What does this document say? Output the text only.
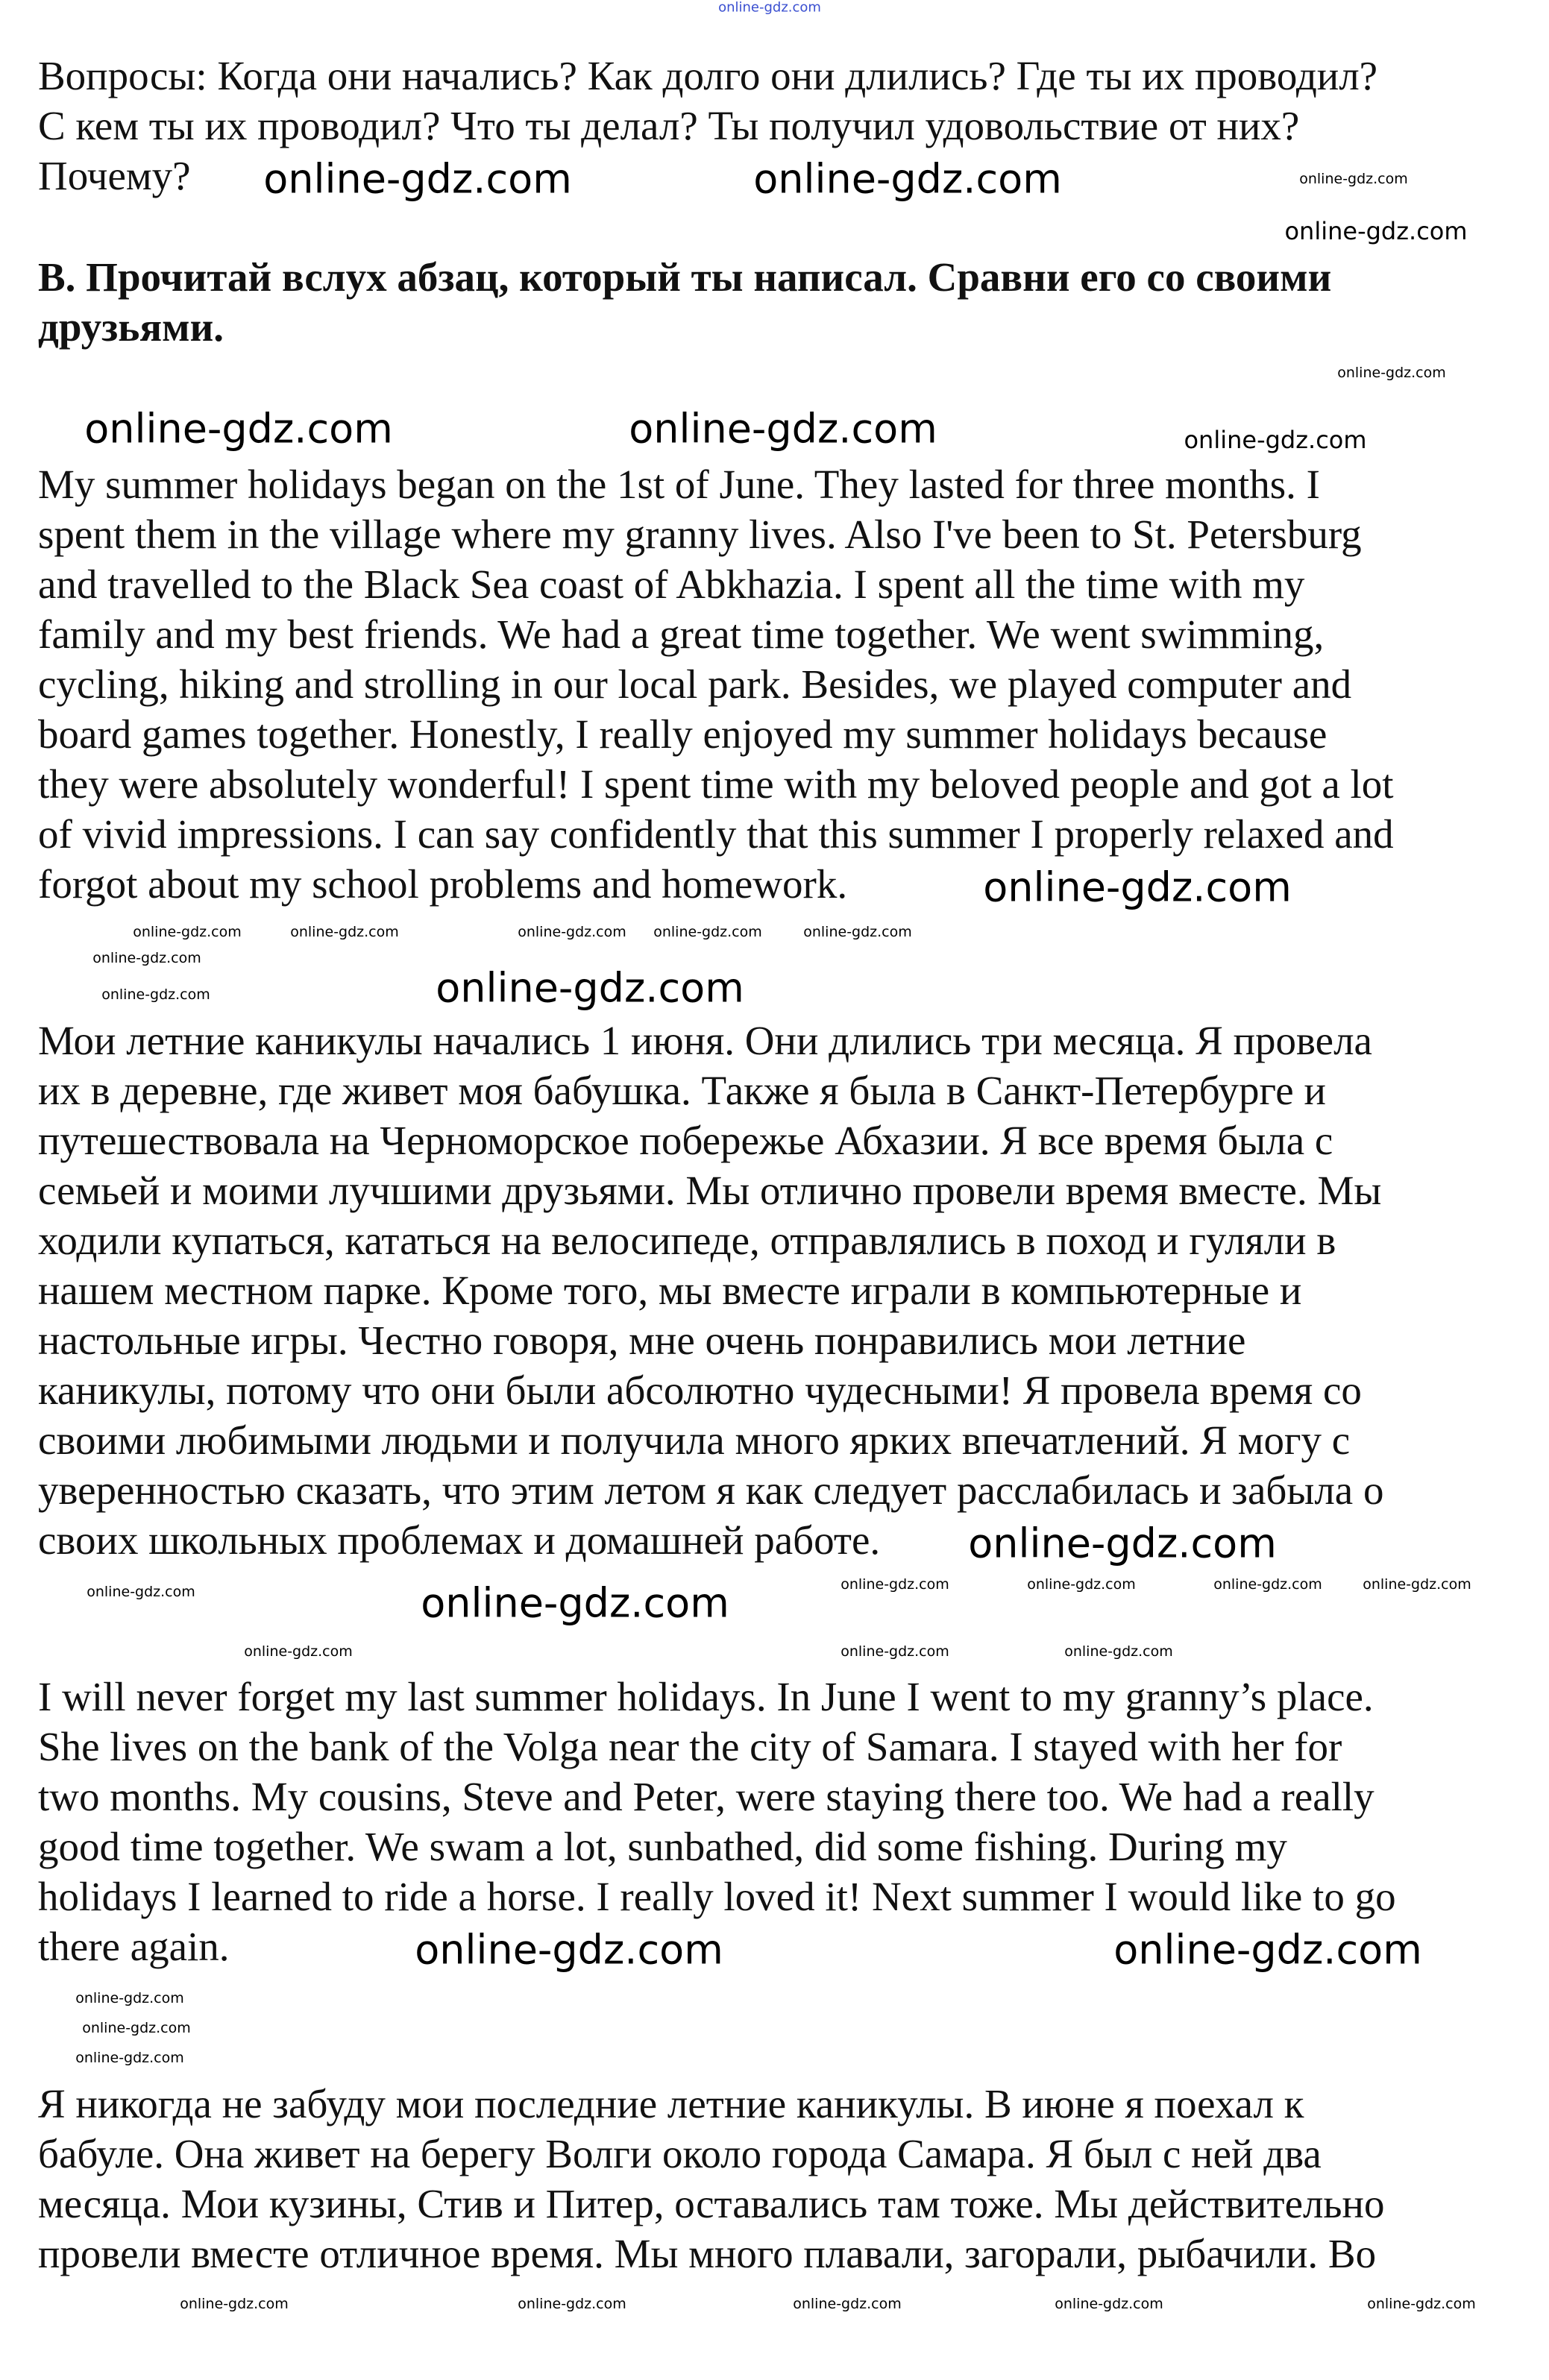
Вопросы: Когда они начались? Как долго они длились? Где ты их проводил?
С кем ты их проводил? Что ты делал? Ты получил удовольствие от них?
Почему?
B. Прочитай вслух абзац, который ты написал. Сравни его со своими
друзьями.
My summer holidays began on the 1st of June. They lasted for three months. I
spent them in the village where my granny lives. Also I've been to St. Petersburg
and travelled to the Black Sea coast of Abkhazia. I spent all the time with my
family and my best friends. We had a great time together. We went swimming,
cycling, hiking and strolling in our local park. Besides, we played computer and
board games together. Honestly, I really enjoyed my summer holidays because
they were absolutely wonderful! I spent time with my beloved people and got a lot
of vivid impressions. I can say confidently that this summer I properly relaxed and
forgot about my school problems and homework.
Мои летние каникулы начались 1 июня. Они длились три месяца. Я провела
их в деревне, где живет моя бабушка. Также я была в Санкт-Петербурге и
путешествовала на Черноморское побережье Абхазии. Я все время была с
семьей и моими лучшими друзьями. Мы отлично провели время вместе. Мы
ходили купаться, кататься на велосипеде, отправлялись в поход и гуляли в
нашем местном парке. Кроме того, мы вместе играли в компьютерные и
настольные игры. Честно говоря, мне очень понравились мои летние
каникулы, потому что они были абсолютно чудесными! Я провела время со
своими любимыми людьми и получила много ярких впечатлений. Я могу с
уверенностью сказать, что этим летом я как следует расслабилась и забыла о
своих школьных проблемах и домашней работе.
I will never forget my last summer holidays. In June I went to my granny’s place.
She lives on the bank of the Volga near the city of Samara. I stayed with her for
two months. My cousins, Steve and Peter, were staying there too. We had a really
good time together. We swam a lot, sunbathed, did some fishing. During my
holidays I learned to ride a horse. I really loved it! Next summer I would like to go
there again.
Я никогда не забуду мои последние летние каникулы. В июне я поехал к
бабуле. Она живет на берегу Волги около города Самара. Я был с ней два
месяца. Мои кузины, Стив и Питер, оставались там тоже. Мы действительно
провели вместе отличное время. Мы много плавали, загорали, рыбачили. Во
online-gdz.com
online-gdz.com	online-gdz.com
online-gdz.com	online-gdz.com
online-gdz.com
online-gdz.com
online-gdz.com
online-gdz.com
online-gdz.com	online-gdz.com
online-gdz.com
online-gdz.com
online-gdz.com
online-gdz.com
online-gdz.com	online-gdz.com	online-gdz.com online-gdz.com
online-gdz.com
online-gdz.com
online-gdz.com
online-gdz.com	online-gdz.com	online-gdz.com	online-gdz.com
online-gdz.com	online-gdz.com	online-gdz.com
online-gdz.com
online-gdz.com
online-gdz.com
online-gdz.com
online-gdz.com
online-gdz.com	online-gdz.com	online-gdz.com	online-gdz.com
